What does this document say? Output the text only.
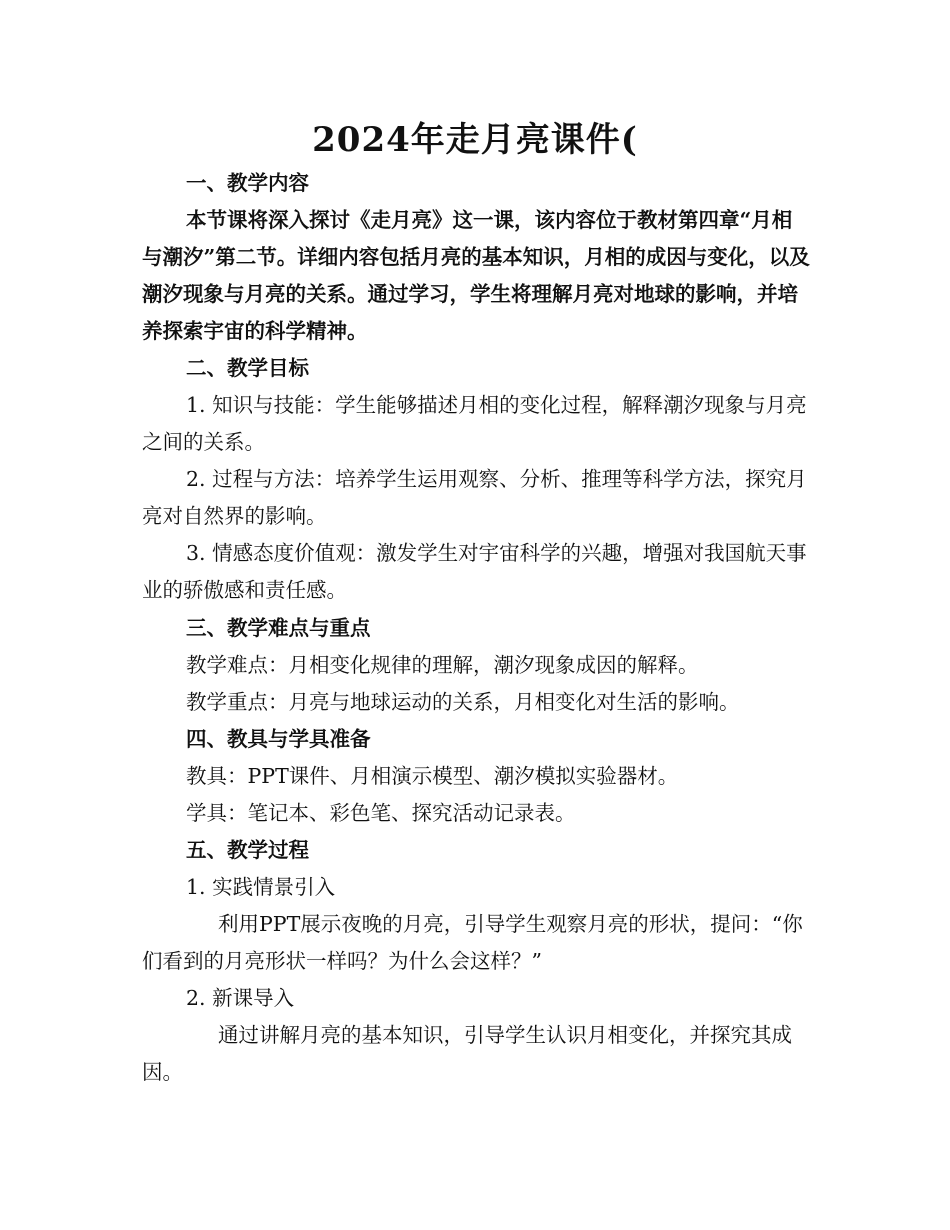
2024年走月亮课件(
一、教学内容
本节课将深入探讨《走月亮》这一课，该内容位于教材第四章“月相与潮汐”第二节。详细内容包括月亮的基本知识，月相的成因与变化，以及潮汐现象与月亮的关系。通过学习，学生将理解月亮对地球的影响，并培养探索宇宙的科学精神。
二、教学目标
1. 知识与技能：学生能够描述月相的变化过程，解释潮汐现象与月亮之间的关系。
2. 过程与方法：培养学生运用观察、分析、推理等科学方法，探究月亮对自然界的影响。
3. 情感态度价值观：激发学生对宇宙科学的兴趣，增强对我国航天事业的骄傲感和责任感。
三、教学难点与重点
教学难点：月相变化规律的理解，潮汐现象成因的解释。
教学重点：月亮与地球运动的关系，月相变化对生活的影响。
四、教具与学具准备
教具：PPT课件、月相演示模型、潮汐模拟实验器材。
学具：笔记本、彩色笔、探究活动记录表。
五、教学过程
1. 实践情景引入
利用PPT展示夜晚的月亮，引导学生观察月亮的形状，提问：“你们看到的月亮形状一样吗？为什么会这样？”
2. 新课导入
通过讲解月亮的基本知识，引导学生认识月相变化，并探究其成因。
